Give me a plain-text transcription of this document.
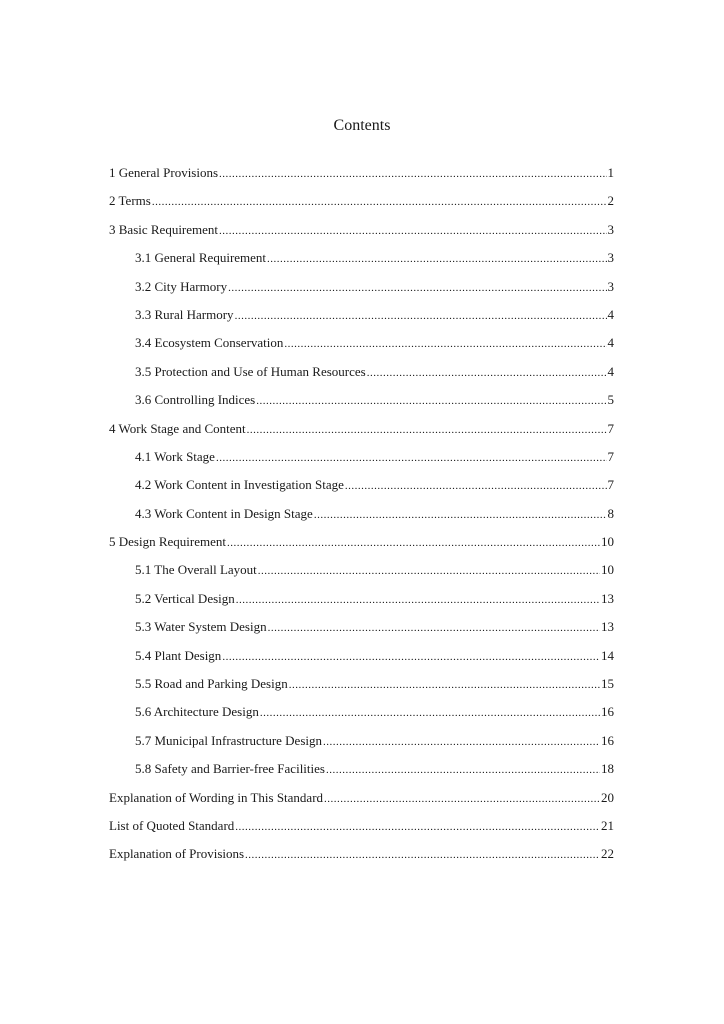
Contents
1 General Provisions .....	1
2 Terms .....	2
3 Basic Requirement .....	3
3.1 General Requirement .....	3
3.2 City Harmory .....	3
3.3 Rural Harmory .....	4
3.4 Ecosystem Conservation .....	4
3.5 Protection and Use of Human Resources .....	4
3.6 Controlling Indices .....	5
4 Work Stage and Content .....	7
4.1 Work Stage .....	7
4.2 Work Content in Investigation Stage .....	7
4.3 Work Content in Design Stage .....	8
5 Design Requirement .....	10
5.1 The Overall Layout .....	10
5.2 Vertical Design .....	13
5.3 Water System Design .....	13
5.4 Plant Design .....	14
5.5 Road and Parking Design .....	15
5.6 Architecture Design .....	16
5.7 Municipal Infrastructure Design .....	16
5.8 Safety and Barrier-free Facilities .....	18
Explanation of Wording in This Standard .....	20
List of Quoted Standard .....	21
Explanation of Provisions .....	22
